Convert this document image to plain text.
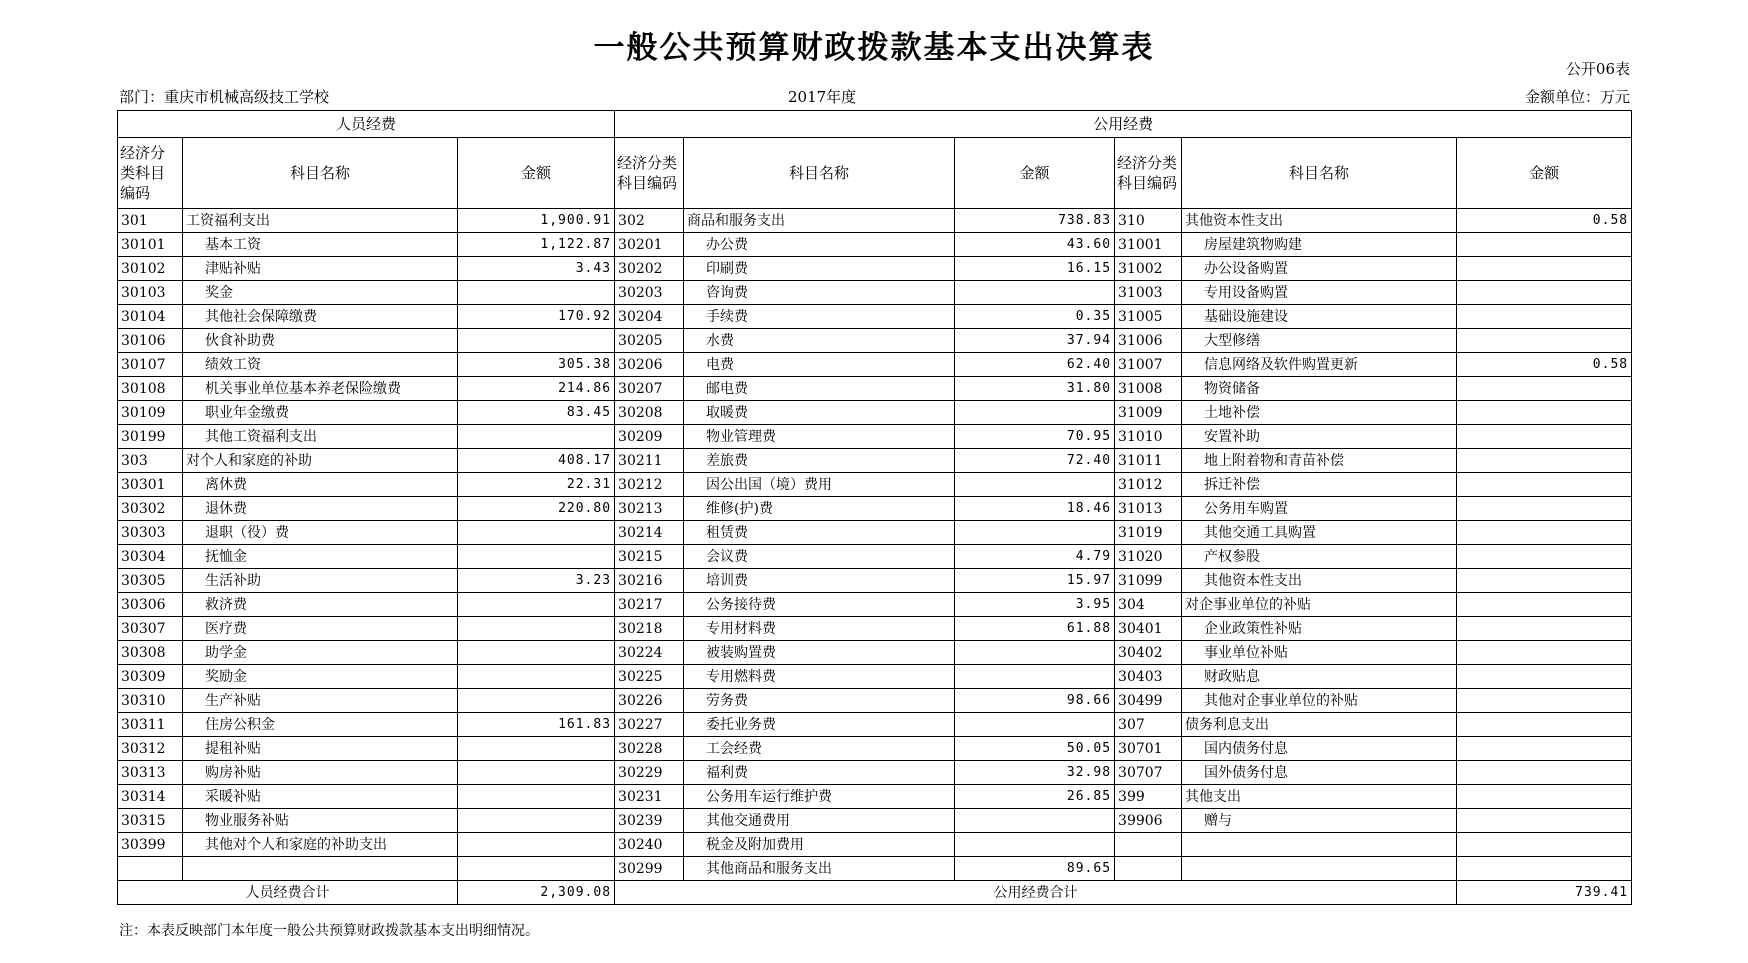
一般公共预算财政拨款基本支出决算表
公开06表
部门：重庆市机械高级技工学校	2017年度	金额单位：万元
人员经费			公用经费					
经济分类科目编码	科目名称	金额	经济分类科目编码	科目名称	金额	经济分类科目编码	科目名称	金额
301	工资福利支出	1,900.91	302	商品和服务支出	738.83	310	其他资本性支出	0.58
30101	基本工资	1,122.87	30201	办公费	43.60	31001	房屋建筑物购建	
30102	津贴补贴	3.43	30202	印刷费	16.15	31002	办公设备购置	
30103	奖金		30203	咨询费		31003	专用设备购置	
30104	其他社会保障缴费	170.92	30204	手续费	0.35	31005	基础设施建设	
30106	伙食补助费		30205	水费	37.94	31006	大型修缮	
30107	绩效工资	305.38	30206	电费	62.40	31007	信息网络及软件购置更新	0.58
30108	机关事业单位基本养老保险缴费	214.86	30207	邮电费	31.80	31008	物资储备	
30109	职业年金缴费	83.45	30208	取暖费		31009	土地补偿	
30199	其他工资福利支出		30209	物业管理费	70.95	31010	安置补助	
303	对个人和家庭的补助	408.17	30211	差旅费	72.40	31011	地上附着物和青苗补偿	
30301	离休费	22.31	30212	因公出国（境）费用		31012	拆迁补偿	
30302	退休费	220.80	30213	维修(护)费	18.46	31013	公务用车购置	
30303	退职（役）费		30214	租赁费		31019	其他交通工具购置	
30304	抚恤金		30215	会议费	4.79	31020	产权参股	
30305	生活补助	3.23	30216	培训费	15.97	31099	其他资本性支出	
30306	救济费		30217	公务接待费	3.95	304	对企事业单位的补贴	
30307	医疗费		30218	专用材料费	61.88	30401	企业政策性补贴	
30308	助学金		30224	被装购置费		30402	事业单位补贴	
30309	奖励金		30225	专用燃料费		30403	财政贴息	
30310	生产补贴		30226	劳务费	98.66	30499	其他对企事业单位的补贴	
30311	住房公积金	161.83	30227	委托业务费		307	债务利息支出	
30312	提租补贴		30228	工会经费	50.05	30701	国内债务付息	
30313	购房补贴		30229	福利费	32.98	30707	国外债务付息	
30314	采暖补贴		30231	公务用车运行维护费	26.85	399	其他支出	
30315	物业服务补贴		30239	其他交通费用		39906	赠与	
30399	其他对个人和家庭的补助支出		30240	税金及附加费用				
			30299	其他商品和服务支出	89.65			
人员经费合计		2,309.08	公用经费合计					739.41
注：本表反映部门本年度一般公共预算财政拨款基本支出明细情况。
